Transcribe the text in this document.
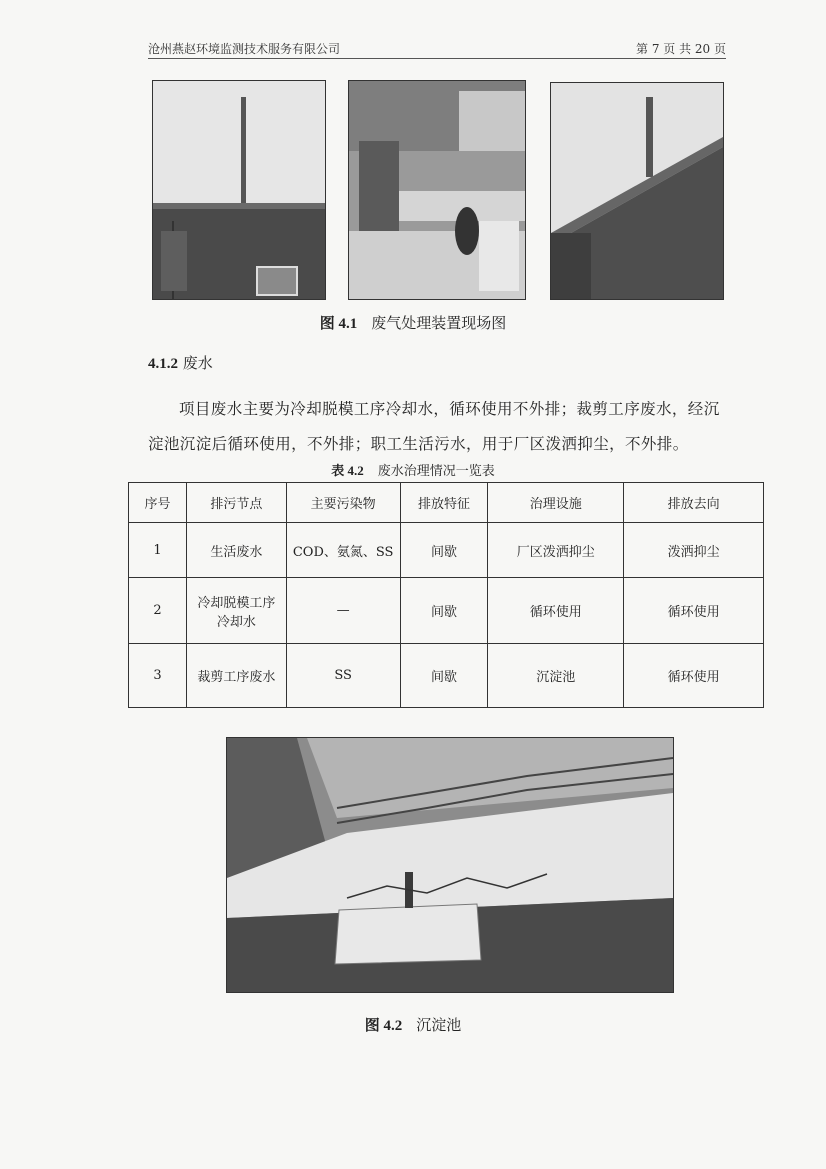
沧州燕赵环境监测技术服务有限公司	第 7 页 共 20 页
图 4.1 废气处理装置现场图
4.1.2 废水
项目废水主要为冷却脱模工序冷却水，循环使用不外排；裁剪工序废水，经沉淀池沉淀后循环使用，不外排；职工生活污水，用于厂区泼洒抑尘，不外排。
表 4.2 废水治理情况一览表
序号	排污节点	主要污染物	排放特征	治理设施	排放去向
1	生活废水	COD、氨氮、SS	间歇	厂区泼洒抑尘	泼洒抑尘
2	冷却脱模工序冷却水	—	间歇	循环使用	循环使用
3	裁剪工序废水	SS	间歇	沉淀池	循环使用
图 4.2 沉淀池
